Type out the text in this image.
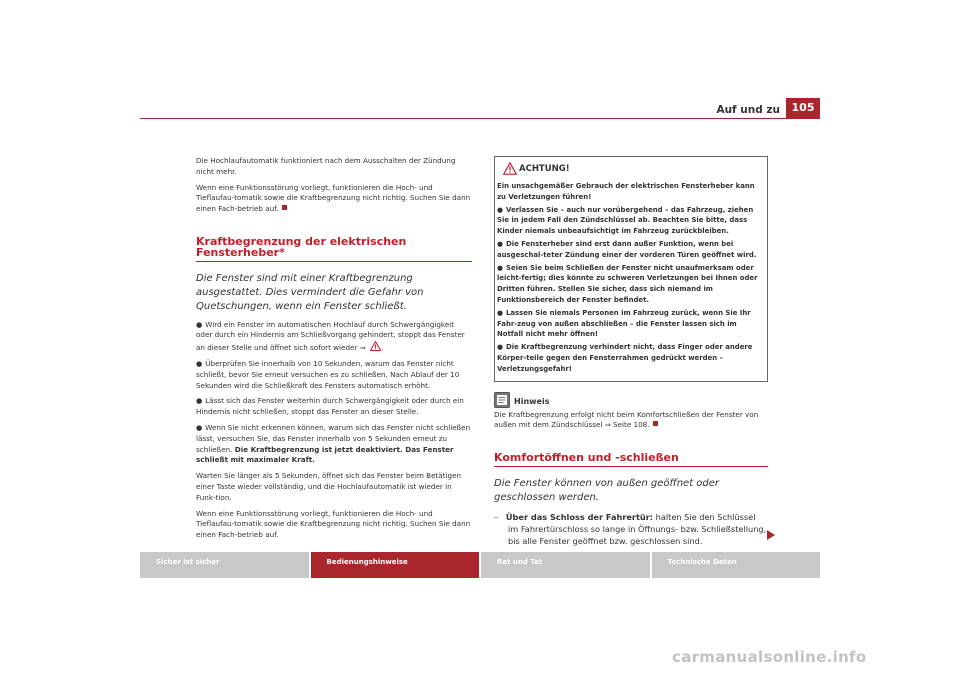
Auf und zu	105

Die Hochlaufautomatik funktioniert nach dem Ausschalten der Zündung nicht mehr.

Wenn eine Funktionsstörung vorliegt, funktionieren die Hoch- und Tieflaufau-tomatik sowie die Kraftbegrenzung nicht richtig. Suchen Sie dann einen Fach-betrieb auf.

Kraftbegrenzung der elektrischen Fensterheber*
Die Fenster sind mit einer Kraftbegrenzung ausgestattet. Dies vermindert die Gefahr von Quetschungen, wenn ein Fenster schließt.

● Wird ein Fenster im automatischen Hochlauf durch Schwergängigkeit oder durch ein Hindernis am Schließvorgang gehindert, stoppt das Fenster an dieser Stelle und öffnet sich sofort wieder ⇒ .

● Überprüfen Sie innerhalb von 10 Sekunden, warum das Fenster nicht schließt, bevor Sie erneut versuchen es zu schließen. Nach Ablauf der 10 Sekunden wird die Schließkraft des Fensters automatisch erhöht.

● Lässt sich das Fenster weiterhin durch Schwergängigkeit oder durch ein Hindernis nicht schließen, stoppt das Fenster an dieser Stelle.

● Wenn Sie nicht erkennen können, warum sich das Fenster nicht schließen lässt, versuchen Sie, das Fenster innerhalb von 5 Sekunden erneut zu schließen. Die Kraftbegrenzung ist jetzt deaktiviert. Das Fenster schließt mit maximaler Kraft.

Warten Sie länger als 5 Sekunden, öffnet sich das Fenster beim Betätigen einer Taste wieder vollständig, und die Hochlaufautomatik ist wieder in Funk-tion.

Wenn eine Funktionsstörung vorliegt, funktionieren die Hoch- und Tieflaufau-tomatik sowie die Kraftbegrenzung nicht richtig. Suchen Sie dann einen Fach-betrieb auf.

ACHTUNG!

Ein unsachgemäßer Gebrauch der elektrischen Fensterheber kann zu Verletzungen führen!

● Verlassen Sie – auch nur vorübergehend – das Fahrzeug, ziehen Sie in jedem Fall den Zündschlüssel ab. Beachten Sie bitte, dass Kinder niemals unbeaufsichtigt im Fahrzeug zurückbleiben.

● Die Fensterheber sind erst dann außer Funktion, wenn bei ausgeschal-teter Zündung einer der vorderen Türen geöffnet wird.

● Seien Sie beim Schließen der Fenster nicht unaufmerksam oder leicht-fertig; dies könnte zu schweren Verletzungen bei Ihnen oder Dritten führen. Stellen Sie sicher, dass sich niemand im Funktionsbereich der Fenster befindet.

● Lassen Sie niemals Personen im Fahrzeug zurück, wenn Sie Ihr Fahr-zeug von außen abschließen – die Fenster lassen sich im Notfall nicht mehr öffnen!

● Die Kraftbegrenzung verhindert nicht, dass Finger oder andere Körper-teile gegen den Fensterrahmen gedrückt werden – Verletzungsgefahr!

Hinweis

Die Kraftbegrenzung erfolgt nicht beim Komfortschließen der Fenster von außen mit dem Zündschlüssel ⇒ Seite 108.

Komfortöffnen und -schließen
Die Fenster können von außen geöffnet oder geschlossen werden.
– Über das Schloss der Fahrertür: halten Sie den Schlüssel im Fahrertürschloss so lange in Öffnungs- bzw. Schließstellung, bis alle Fenster geöffnet bzw. geschlossen sind.
Sicher ist sicher	Bedienungshinweise	Rat und Tat	Technische Daten
carmanualsonline.info
